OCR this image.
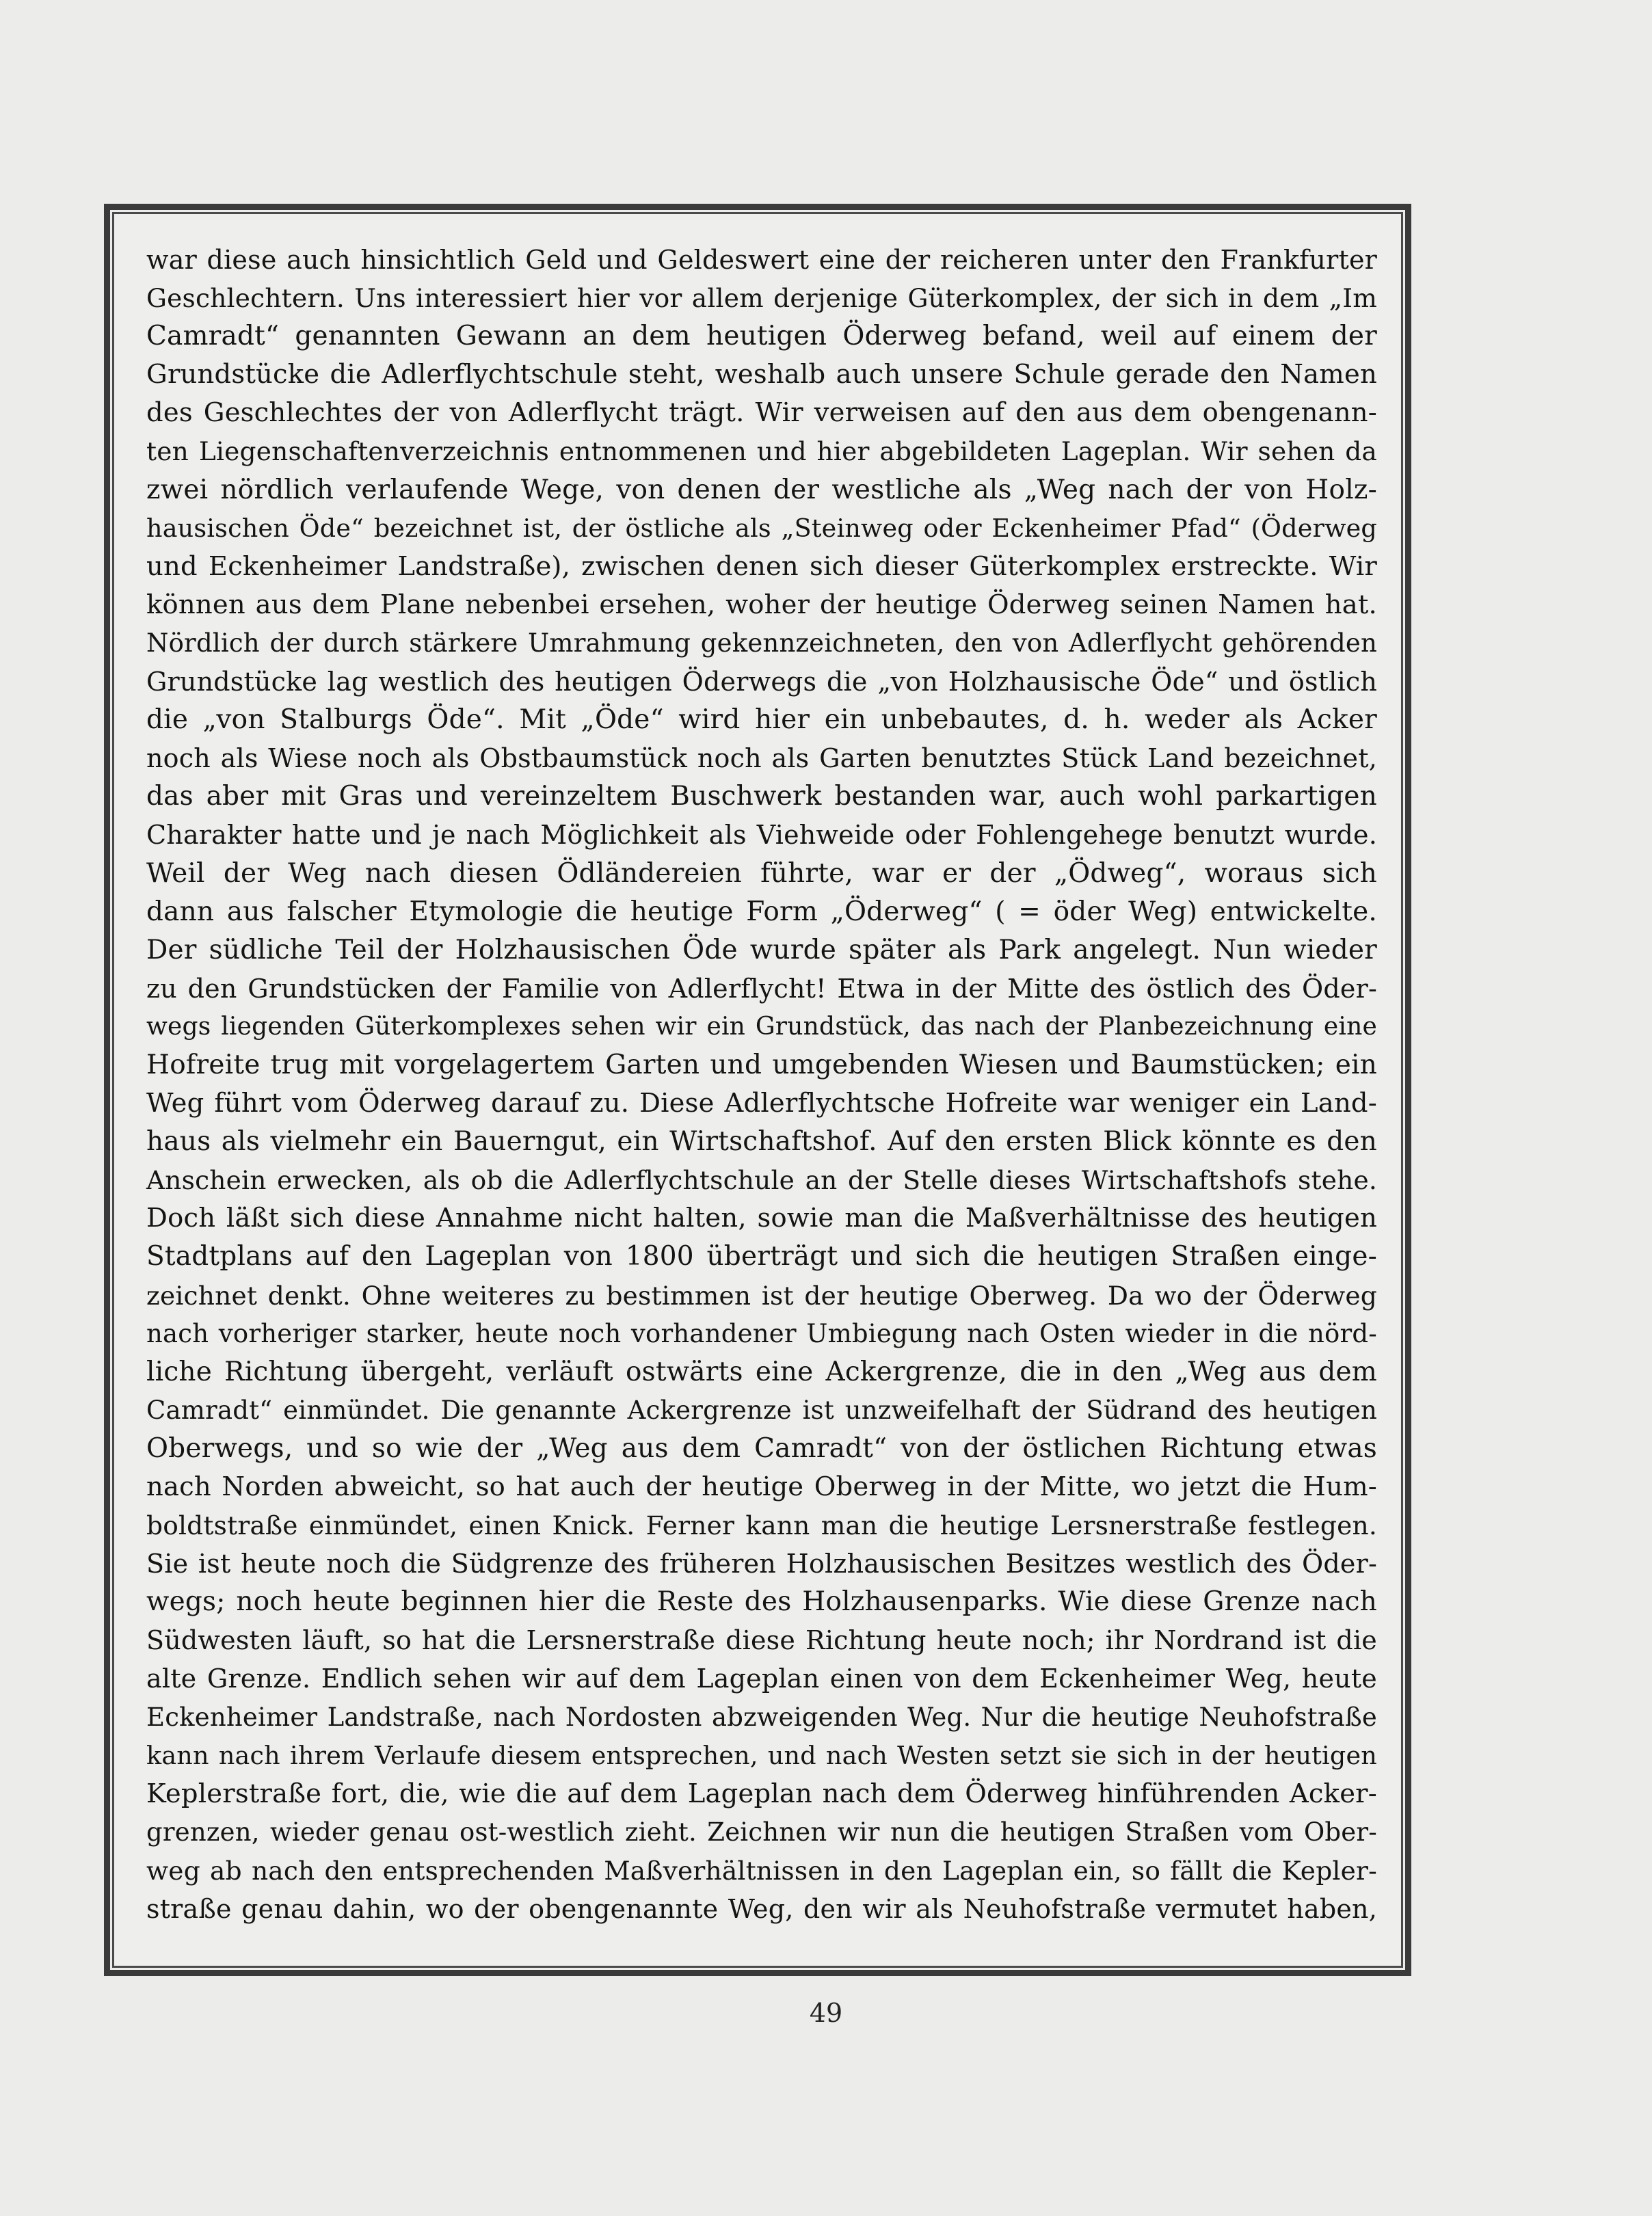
war diese auch hinsichtlich Geld und Geldeswert eine der reicheren unter den Frankfurter
Geschlechtern. Uns interessiert hier vor allem derjenige Güterkomplex, der sich in dem „Im
Camradt“ genannten Gewann an dem heutigen Öderweg befand, weil auf einem der
Grundstücke die Adlerflychtschule steht, weshalb auch unsere Schule gerade den Namen
des Geschlechtes der von Adlerflycht trägt. Wir verweisen auf den aus dem obengenann-
ten Liegenschaftenverzeichnis entnommenen und hier abgebildeten Lageplan. Wir sehen da
zwei nördlich verlaufende Wege, von denen der westliche als „Weg nach der von Holz-
hausischen Öde“ bezeichnet ist, der östliche als „Steinweg oder Eckenheimer Pfad“ (Öderweg
und Eckenheimer Landstraße), zwischen denen sich dieser Güterkomplex erstreckte. Wir
können aus dem Plane nebenbei ersehen, woher der heutige Öderweg seinen Namen hat.
Nördlich der durch stärkere Umrahmung gekennzeichneten, den von Adlerflycht gehörenden
Grundstücke lag westlich des heutigen Öderwegs die „von Holzhausische Öde“ und östlich
die „von Stalburgs Öde“. Mit „Öde“ wird hier ein unbebautes, d. h. weder als Acker
noch als Wiese noch als Obstbaumstück noch als Garten benutztes Stück Land bezeichnet,
das aber mit Gras und vereinzeltem Buschwerk bestanden war, auch wohl parkartigen
Charakter hatte und je nach Möglichkeit als Viehweide oder Fohlengehege benutzt wurde.
Weil der Weg nach diesen Ödländereien führte, war er der „Ödweg“, woraus sich
dann aus falscher Etymologie die heutige Form „Öderweg“ ( = öder Weg) entwickelte.
Der südliche Teil der Holzhausischen Öde wurde später als Park angelegt. Nun wieder
zu den Grundstücken der Familie von Adlerflycht! Etwa in der Mitte des östlich des Öder-
wegs liegenden Güterkomplexes sehen wir ein Grundstück, das nach der Planbezeichnung eine
Hofreite trug mit vorgelagertem Garten und umgebenden Wiesen und Baumstücken; ein
Weg führt vom Öderweg darauf zu. Diese Adlerflychtsche Hofreite war weniger ein Land-
haus als vielmehr ein Bauerngut, ein Wirtschaftshof. Auf den ersten Blick könnte es den
Anschein erwecken, als ob die Adlerflychtschule an der Stelle dieses Wirtschaftshofs stehe.
Doch läßt sich diese Annahme nicht halten, sowie man die Maßverhältnisse des heutigen
Stadtplans auf den Lageplan von 1800 überträgt und sich die heutigen Straßen einge-
zeichnet denkt. Ohne weiteres zu bestimmen ist der heutige Oberweg. Da wo der Öderweg
nach vorheriger starker, heute noch vorhandener Umbiegung nach Osten wieder in die nörd-
liche Richtung übergeht, verläuft ostwärts eine Ackergrenze, die in den „Weg aus dem
Camradt“ einmündet. Die genannte Ackergrenze ist unzweifelhaft der Südrand des heutigen
Oberwegs, und so wie der „Weg aus dem Camradt“ von der östlichen Richtung etwas
nach Norden abweicht, so hat auch der heutige Oberweg in der Mitte, wo jetzt die Hum-
boldtstraße einmündet, einen Knick. Ferner kann man die heutige Lersnerstraße festlegen.
Sie ist heute noch die Südgrenze des früheren Holzhausischen Besitzes westlich des Öder-
wegs; noch heute beginnen hier die Reste des Holzhausenparks. Wie diese Grenze nach
Südwesten läuft, so hat die Lersnerstraße diese Richtung heute noch; ihr Nordrand ist die
alte Grenze. Endlich sehen wir auf dem Lageplan einen von dem Eckenheimer Weg, heute
Eckenheimer Landstraße, nach Nordosten abzweigenden Weg. Nur die heutige Neuhofstraße
kann nach ihrem Verlaufe diesem entsprechen, und nach Westen setzt sie sich in der heutigen
Keplerstraße fort, die, wie die auf dem Lageplan nach dem Öderweg hinführenden Acker-
grenzen, wieder genau ost-westlich zieht. Zeichnen wir nun die heutigen Straßen vom Ober-
weg ab nach den entsprechenden Maßverhältnissen in den Lageplan ein, so fällt die Kepler-
straße genau dahin, wo der obengenannte Weg, den wir als Neuhofstraße vermutet haben,
49
